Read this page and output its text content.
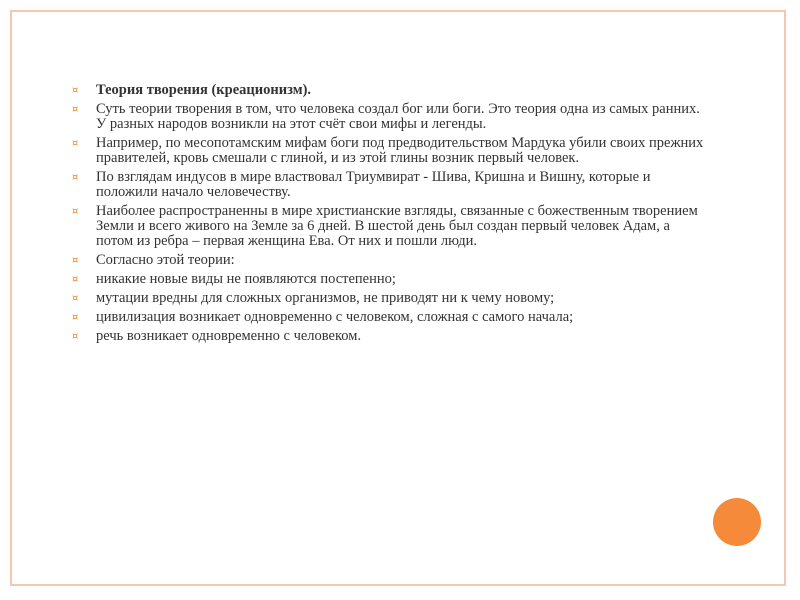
¤ Теория творения (креационизм).
¤ Суть теории творения в том, что человека создал бог или боги. Это теория одна из самых ранних. У разных народов возникли на этот счёт свои мифы и легенды.
¤ Например, по месопотамским мифам боги под предводительством Мардука убили своих прежних правителей, кровь смешали с глиной, и из этой глины возник первый человек.
¤ По взглядам индусов в мире властвовал Триумвират - Шива, Кришна и Вишну, которые и положили начало человечеству.
¤ Наиболее распространенны в мире христианские взгляды, связанные с божественным творением Земли и всего живого на Земле за 6 дней. В шестой день был создан первый человек Адам, а потом из ребра – первая женщина Ева. От них и пошли люди.
¤ Согласно этой теории:
¤ никакие новые виды не появляются постепенно;
¤ мутации вредны для сложных организмов, не приводят ни к чему новому;
¤ цивилизация возникает одновременно с человеком, сложная с самого начала;
¤ речь возникает одновременно с человеком.
